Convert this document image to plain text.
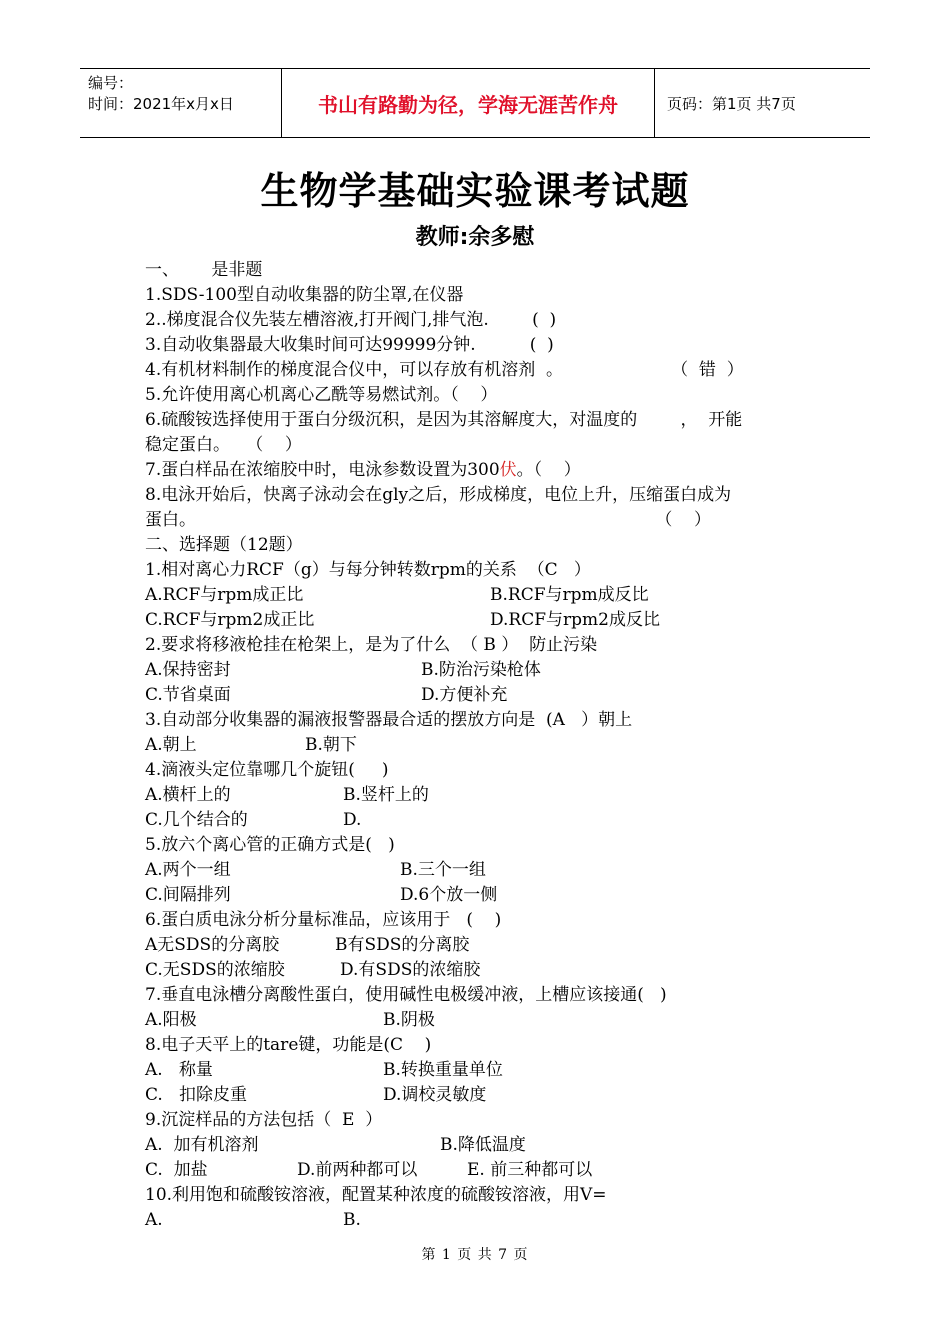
编号：
时间：2021年x月x日	书山有路勤为径，学海无涯苦作舟	页码：第1页 共7页
生物学基础实验课考试题
教师:余多慰
一、      是非题
1.SDS-100型自动收集器的防尘罩,在仪器
2..梯度混合仪先装左槽溶液,打开阀门,排气泡.        (  )
3.自动收集器最大收集时间可达99999分钟.          (  )
4.有机材料制作的梯度混合仪中，可以存放有机溶剂  。                    （  错  ）
5.允许使用离心机离心乙酰等易燃试剂。（    ）
6.硫酸铵选择使用于蛋白分级沉积，是因为其溶解度大，对温度的        ，  开能
稳定蛋白。   （    ）
7.蛋白样品在浓缩胶中时，电泳参数设置为300伏。（    ）
8.电泳开始后，快离子泳动会在gly之后，形成梯度，电位上升，压缩蛋白成为
蛋白。                                                                                     （    ）
二、选择题（12题）
1.相对离心力RCF（g）与每分钟转数rpm的关系  （C   ）
A.RCF与rpm成正比	B.RCF与rpm成反比
C.RCF与rpm2成正比	D.RCF与rpm2成反比
2.要求将移液枪挂在枪架上，是为了什么  （ B ）  防止污染
A.保持密封	B.防治污染枪体
C.节省桌面	D.方便补充
3.自动部分收集器的漏液报警器最合适的摆放方向是  (A   ）朝上
A.朝上	B.朝下
4.滴液头定位靠哪几个旋钮(     )
A.横杆上的	B.竖杆上的
C.几个结合的	D.
5.放六个离心管的正确方式是(   )
A.两个一组	B.三个一组
C.间隔排列	D.6个放一侧
6.蛋白质电泳分析分量标准品，应该用于   (    )
A无SDS的分离胶	B有SDS的分离胶
C.无SDS的浓缩胶	D.有SDS的浓缩胶
7.垂直电泳槽分离酸性蛋白，使用碱性电极缓冲液，上槽应该接通(   )
A.阳极	B.阴极
8.电子天平上的tare键，功能是(C    )
A.   称量	B.转换重量单位
C.   扣除皮重	D.调校灵敏度
9.沉淀样品的方法包括（  E  ）
A.  加有机溶剂	B.降低温度
C.  加盐	D.前两种都可以	E. 前三种都可以
10.利用饱和硫酸铵溶液，配置某种浓度的硫酸铵溶液，用V=
A.	B.
第 1 页 共 7 页
